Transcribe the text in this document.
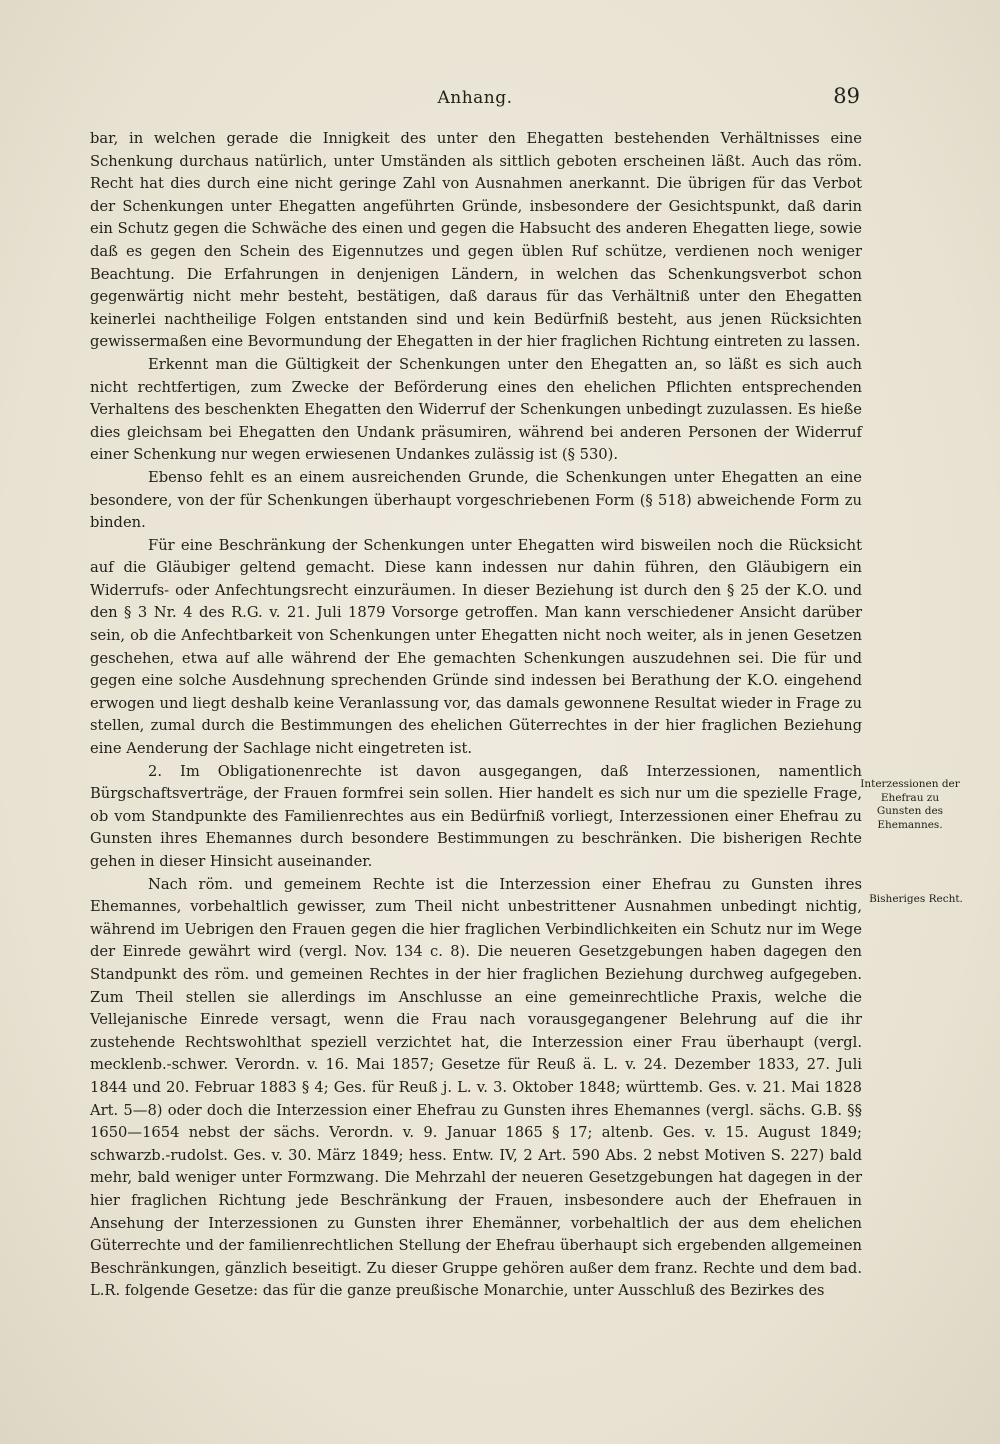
Anhang.	89

bar, in welchen gerade die Innigkeit des unter den Ehegatten bestehenden Verhältnisses eine Schenkung durchaus natürlich, unter Umständen als sittlich geboten erscheinen läßt. Auch das röm. Recht hat dies durch eine nicht geringe Zahl von Ausnahmen anerkannt. Die übrigen für das Verbot der Schenkungen unter Ehegatten angeführten Gründe, insbesondere der Gesichtspunkt, daß darin ein Schutz gegen die Schwäche des einen und gegen die Habsucht des anderen Ehegatten liege, sowie daß es gegen den Schein des Eigennutzes und gegen üblen Ruf schütze, verdienen noch weniger Beachtung. Die Erfahrungen in denjenigen Ländern, in welchen das Schenkungsverbot schon gegenwärtig nicht mehr besteht, bestätigen, daß daraus für das Verhältniß unter den Ehegatten keinerlei nachtheilige Folgen entstanden sind und kein Bedürfniß besteht, aus jenen Rücksichten gewissermaßen eine Bevormundung der Ehegatten in der hier fraglichen Richtung eintreten zu lassen.

Erkennt man die Gültigkeit der Schenkungen unter den Ehegatten an, so läßt es sich auch nicht rechtfertigen, zum Zwecke der Beförderung eines den ehelichen Pflichten entsprechenden Verhaltens des beschenkten Ehegatten den Widerruf der Schenkungen unbedingt zuzulassen. Es hieße dies gleichsam bei Ehegatten den Undank präsumiren, während bei anderen Personen der Widerruf einer Schenkung nur wegen erwiesenen Undankes zulässig ist (§ 530).

Ebenso fehlt es an einem ausreichenden Grunde, die Schenkungen unter Ehegatten an eine besondere, von der für Schenkungen überhaupt vorgeschriebenen Form (§ 518) abweichende Form zu binden.

Für eine Beschränkung der Schenkungen unter Ehegatten wird bisweilen noch die Rücksicht auf die Gläubiger geltend gemacht. Diese kann indessen nur dahin führen, den Gläubigern ein Widerrufs- oder Anfechtungsrecht einzuräumen. In dieser Beziehung ist durch den § 25 der K.O. und den § 3 Nr. 4 des R.G. v. 21. Juli 1879 Vorsorge getroffen. Man kann verschiedener Ansicht darüber sein, ob die Anfechtbarkeit von Schenkungen unter Ehegatten nicht noch weiter, als in jenen Gesetzen geschehen, etwa auf alle während der Ehe gemachten Schenkungen auszudehnen sei. Die für und gegen eine solche Ausdehnung sprechenden Gründe sind indessen bei Berathung der K.O. eingehend erwogen und liegt deshalb keine Veranlassung vor, das damals gewonnene Resultat wieder in Frage zu stellen, zumal durch die Bestimmungen des ehelichen Güterrechtes in der hier fraglichen Beziehung eine Aenderung der Sachlage nicht eingetreten ist.

2. Im Obligationenrechte ist davon ausgegangen, daß Interzessionen, namentlich Bürgschaftsverträge, der Frauen formfrei sein sollen. Hier handelt es sich nur um die spezielle Frage, ob vom Standpunkte des Familienrechtes aus ein Bedürfniß vorliegt, Interzessionen einer Ehefrau zu Gunsten ihres Ehemannes durch besondere Bestimmungen zu beschränken. Die bisherigen Rechte gehen in dieser Hinsicht auseinander.

Nach röm. und gemeinem Rechte ist die Interzession einer Ehefrau zu Gunsten ihres Ehemannes, vorbehaltlich gewisser, zum Theil nicht unbestrittener Ausnahmen unbedingt nichtig, während im Uebrigen den Frauen gegen die hier fraglichen Verbindlichkeiten ein Schutz nur im Wege der Einrede gewährt wird (vergl. Nov. 134 c. 8). Die neueren Gesetzgebungen haben dagegen den Standpunkt des röm. und gemeinen Rechtes in der hier fraglichen Beziehung durchweg aufgegeben. Zum Theil stellen sie allerdings im Anschlusse an eine gemeinrechtliche Praxis, welche die Vellejanische Einrede versagt, wenn die Frau nach vorausgegangener Belehrung auf die ihr zustehende Rechtswohlthat speziell verzichtet hat, die Interzession einer Frau überhaupt (vergl. mecklenb.-schwer. Verordn. v. 16. Mai 1857; Gesetze für Reuß ä. L. v. 24. Dezember 1833, 27. Juli 1844 und 20. Februar 1883 § 4; Ges. für Reuß j. L. v. 3. Oktober 1848; württemb. Ges. v. 21. Mai 1828 Art. 5—8) oder doch die Interzession einer Ehefrau zu Gunsten ihres Ehemannes (vergl. sächs. G.B. §§ 1650—1654 nebst der sächs. Verordn. v. 9. Januar 1865 § 17; altenb. Ges. v. 15. August 1849; schwarzb.-rudolst. Ges. v. 30. März 1849; hess. Entw. IV, 2 Art. 590 Abs. 2 nebst Motiven S. 227) bald mehr, bald weniger unter Formzwang. Die Mehrzahl der neueren Gesetzgebungen hat dagegen in der hier fraglichen Richtung jede Beschränkung der Frauen, insbesondere auch der Ehefrauen in Ansehung der Interzessionen zu Gunsten ihrer Ehemänner, vorbehaltlich der aus dem ehelichen Güterrechte und der familienrechtlichen Stellung der Ehefrau überhaupt sich ergebenden allgemeinen Beschränkungen, gänzlich beseitigt. Zu dieser Gruppe gehören außer dem franz. Rechte und dem bad. L.R. folgende Gesetze: das für die ganze preußische Monarchie, unter Ausschluß des Bezirkes des

Interzessionen der Ehefrau zu Gunsten des Ehemannes.
Bisheriges Recht.
